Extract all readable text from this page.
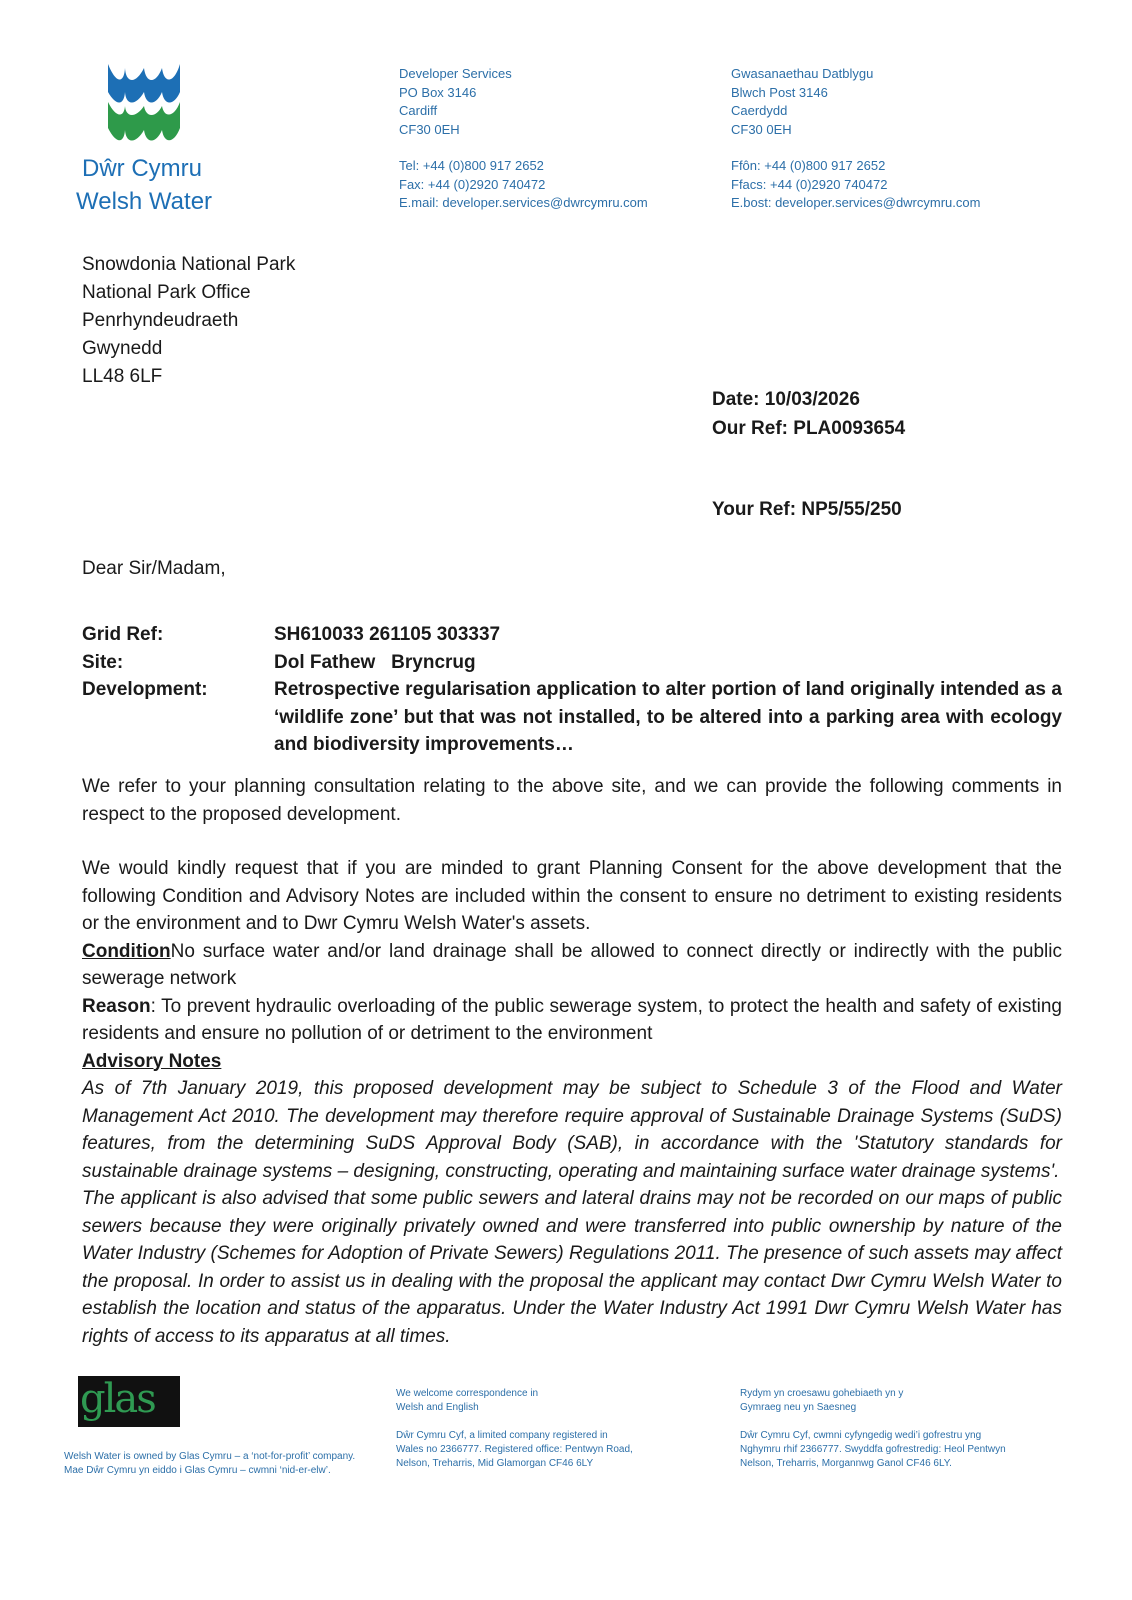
Dŵr Cymru
Welsh Water
Developer Services
PO Box 3146
Cardiff
CF30 0EH
Tel: +44 (0)800 917 2652
Fax: +44 (0)2920 740472
E.mail: developer.services@dwrcymru.com
Gwasanaethau Datblygu
Blwch Post 3146
Caerdydd
CF30 0EH
Ffôn: +44 (0)800 917 2652
Ffacs: +44 (0)2920 740472
E.bost: developer.services@dwrcymru.com
Snowdonia National Park
National Park Office
Penrhyndeudraeth
Gwynedd
LL48 6LF
Date: 10/03/2026
Our Ref: PLA0093654
Your Ref: NP5/55/250
Dear Sir/Madam,
Grid Ref:	SH610033 261105 303337
Site:	Dol Fathew   Bryncrug
Development:	Retrospective regularisation application to alter portion of land originally intended as a ‘wildlife zone’ but that was not installed, to be altered into a parking area with ecology and biodiversity improvements…
We refer to your planning consultation relating to the above site, and we can provide the following comments in respect to the proposed development.
We would kindly request that if you are minded to grant Planning Consent for the above development that the following Condition and Advisory Notes are included within the consent to ensure no detriment to existing residents or the environment and to Dwr Cymru Welsh Water's assets.
ConditionNo surface water and/or land drainage shall be allowed to connect directly or indirectly with the public sewerage network
Reason: To prevent hydraulic overloading of the public sewerage system, to protect the health and safety of existing residents and ensure no pollution of or detriment to the environment
Advisory Notes
As of 7th January 2019, this proposed development may be subject to Schedule 3 of the Flood and Water Management Act 2010. The development may therefore require approval of Sustainable Drainage Systems (SuDS) features, from the determining SuDS Approval Body (SAB), in accordance with the 'Statutory standards for sustainable drainage systems – designing, constructing, operating and maintaining surface water drainage systems'.
The applicant is also advised that some public sewers and lateral drains may not be recorded on our maps of public sewers because they were originally privately owned and were transferred into public ownership by nature of the Water Industry (Schemes for Adoption of Private Sewers) Regulations 2011. The presence of such assets may affect the proposal. In order to assist us in dealing with the proposal the applicant may contact Dwr Cymru Welsh Water to establish the location and status of the apparatus. Under the Water Industry Act 1991 Dwr Cymru Welsh Water has rights of access to its apparatus at all times.
glas
Welsh Water is owned by Glas Cymru – a ‘not-for-profit’ company.
Mae Dŵr Cymru yn eiddo i Glas Cymru – cwmni ‘nid-er-elw’.
We welcome correspondence in
Welsh and English
Dŵr Cymru Cyf, a limited company registered in
Wales no 2366777. Registered office: Pentwyn Road,
Nelson, Treharris, Mid Glamorgan CF46 6LY
Rydym yn croesawu gohebiaeth yn y
Gymraeg neu yn Saesneg
Dŵr Cymru Cyf, cwmni cyfyngedig wedi’i gofrestru yng
Nghymru rhif 2366777. Swyddfa gofrestredig: Heol Pentwyn
Nelson, Treharris, Morgannwg Ganol CF46 6LY.
